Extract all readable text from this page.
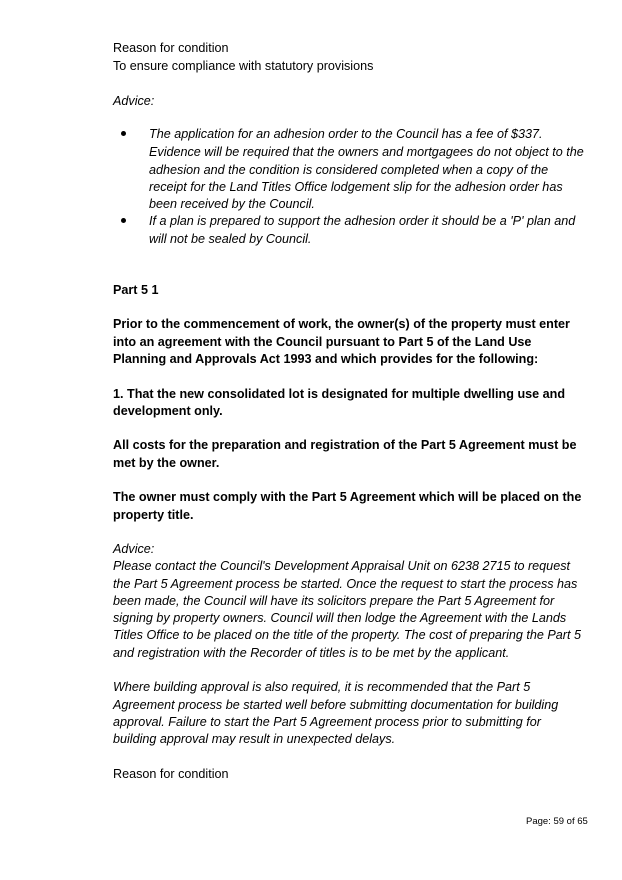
Reason for condition
To ensure compliance with statutory provisions
Advice:
The application for an adhesion order to the Council has a fee of $337.
Evidence will be required that the owners and mortgagees do not object to the
adhesion and the condition is considered completed when a copy of the
receipt for the Land Titles Office lodgement slip for the adhesion order has
been received by the Council.
If a plan is prepared to support the adhesion order it should be a 'P' plan and
will not be sealed by Council.
Part 5 1
Prior to the commencement of work, the owner(s) of the property must enter
into an agreement with the Council pursuant to Part 5 of the Land Use
Planning and Approvals Act 1993 and which provides for the following:
1. That the new consolidated lot is designated for multiple dwelling use and
development only.
All costs for the preparation and registration of the Part 5 Agreement must be
met by the owner.
The owner must comply with the Part 5 Agreement which will be placed on the
property title.
Advice:
Please contact the Council's Development Appraisal Unit on 6238 2715 to request
the Part 5 Agreement process be started. Once the request to start the process has
been made, the Council will have its solicitors prepare the Part 5 Agreement for
signing by property owners. Council will then lodge the Agreement with the Lands
Titles Office to be placed on the title of the property. The cost of preparing the Part 5
and registration with the Recorder of titles is to be met by the applicant.
Where building approval is also required, it is recommended that the Part 5
Agreement process be started well before submitting documentation for building
approval. Failure to start the Part 5 Agreement process prior to submitting for
building approval may result in unexpected delays.
Reason for condition
Page: 59 of 65
